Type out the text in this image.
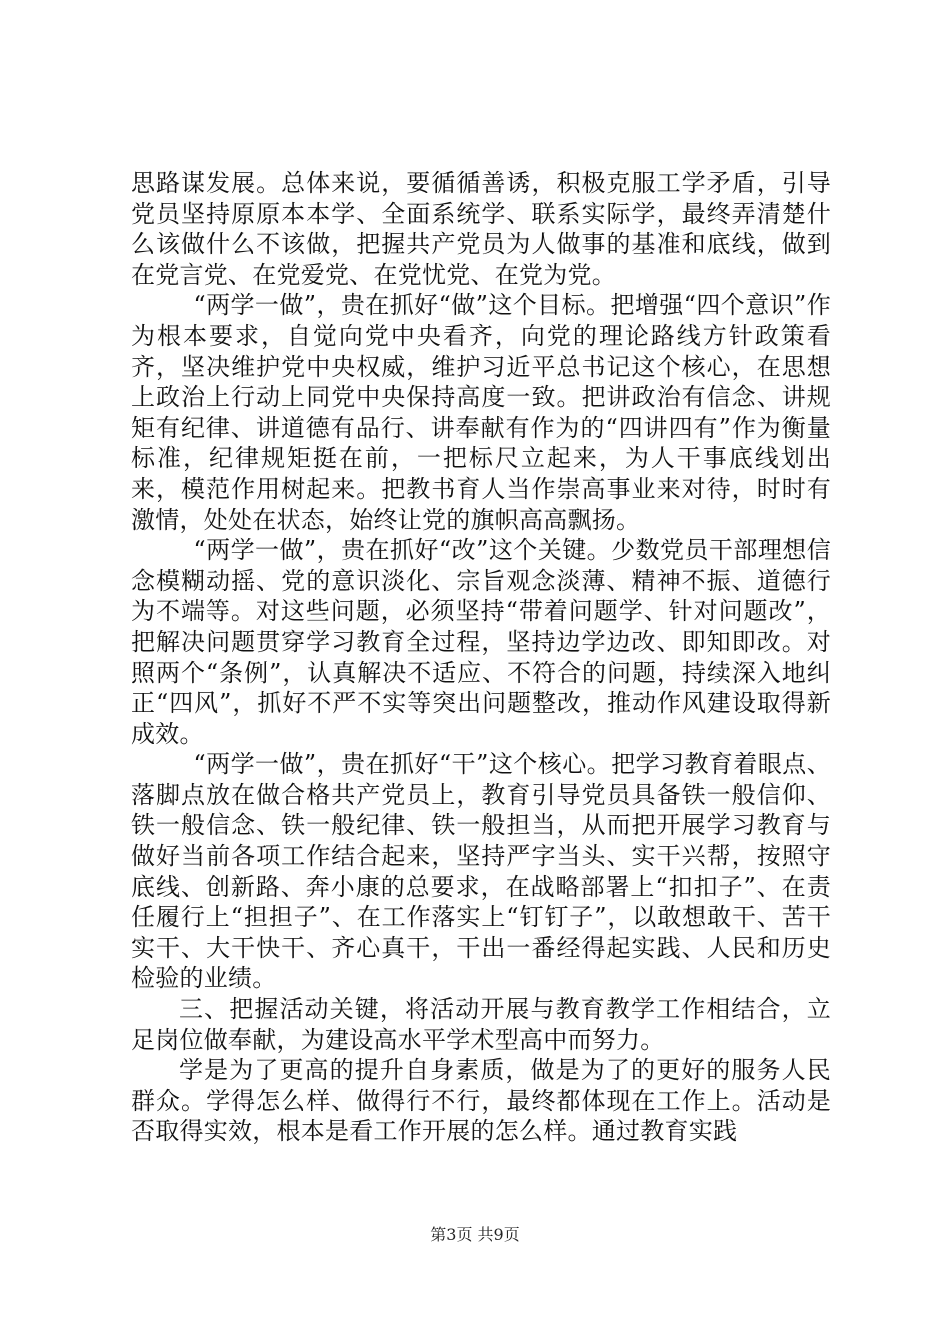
思路谋发展。总体来说，要循循善诱，积极克服工学矛盾，引导党员坚持原原本本学、全面系统学、联系实际学，最终弄清楚什么该做什么不该做，把握共产党员为人做事的基准和底线，做到在党言党、在党爱党、在党忧党、在党为党。

“两学一做”，贵在抓好“做”这个目标。把增强“四个意识”作为根本要求，自觉向党中央看齐，向党的理论路线方针政策看齐，坚决维护党中央权威，维护习近平总书记这个核心，在思想上政治上行动上同党中央保持高度一致。把讲政治有信念、讲规矩有纪律、讲道德有品行、讲奉献有作为的“四讲四有”作为衡量标准，纪律规矩挺在前，一把标尺立起来，为人干事底线划出来，模范作用树起来。把教书育人当作崇高事业来对待，时时有激情，处处在状态，始终让党的旗帜高高飘扬。

“两学一做”，贵在抓好“改”这个关键。少数党员干部理想信念模糊动摇、党的意识淡化、宗旨观念淡薄、精神不振、道德行为不端等。对这些问题，必须坚持“带着问题学、针对问题改”，把解决问题贯穿学习教育全过程，坚持边学边改、即知即改。对照两个“条例”，认真解决不适应、不符合的问题，持续深入地纠正“四风”，抓好不严不实等突出问题整改，推动作风建设取得新成效。

“两学一做”，贵在抓好“干”这个核心。把学习教育着眼点、落脚点放在做合格共产党员上，教育引导党员具备铁一般信仰、铁一般信念、铁一般纪律、铁一般担当，从而把开展学习教育与做好当前各项工作结合起来，坚持严字当头、实干兴帮，按照守底线、创新路、奔小康的总要求，在战略部署上“扣扣子”、在责任履行上“担担子”、在工作落实上“钉钉子”，以敢想敢干、苦干实干、大干快干、齐心真干，干出一番经得起实践、人民和历史检验的业绩。

三、把握活动关键，将活动开展与教育教学工作相结合，立足岗位做奉献，为建设高水平学术型高中而努力。

学是为了更高的提升自身素质，做是为了的更好的服务人民群众。学得怎么样、做得行不行，最终都体现在工作上。活动是否取得实效，根本是看工作开展的怎么样。通过教育实践

第3页 共9页
